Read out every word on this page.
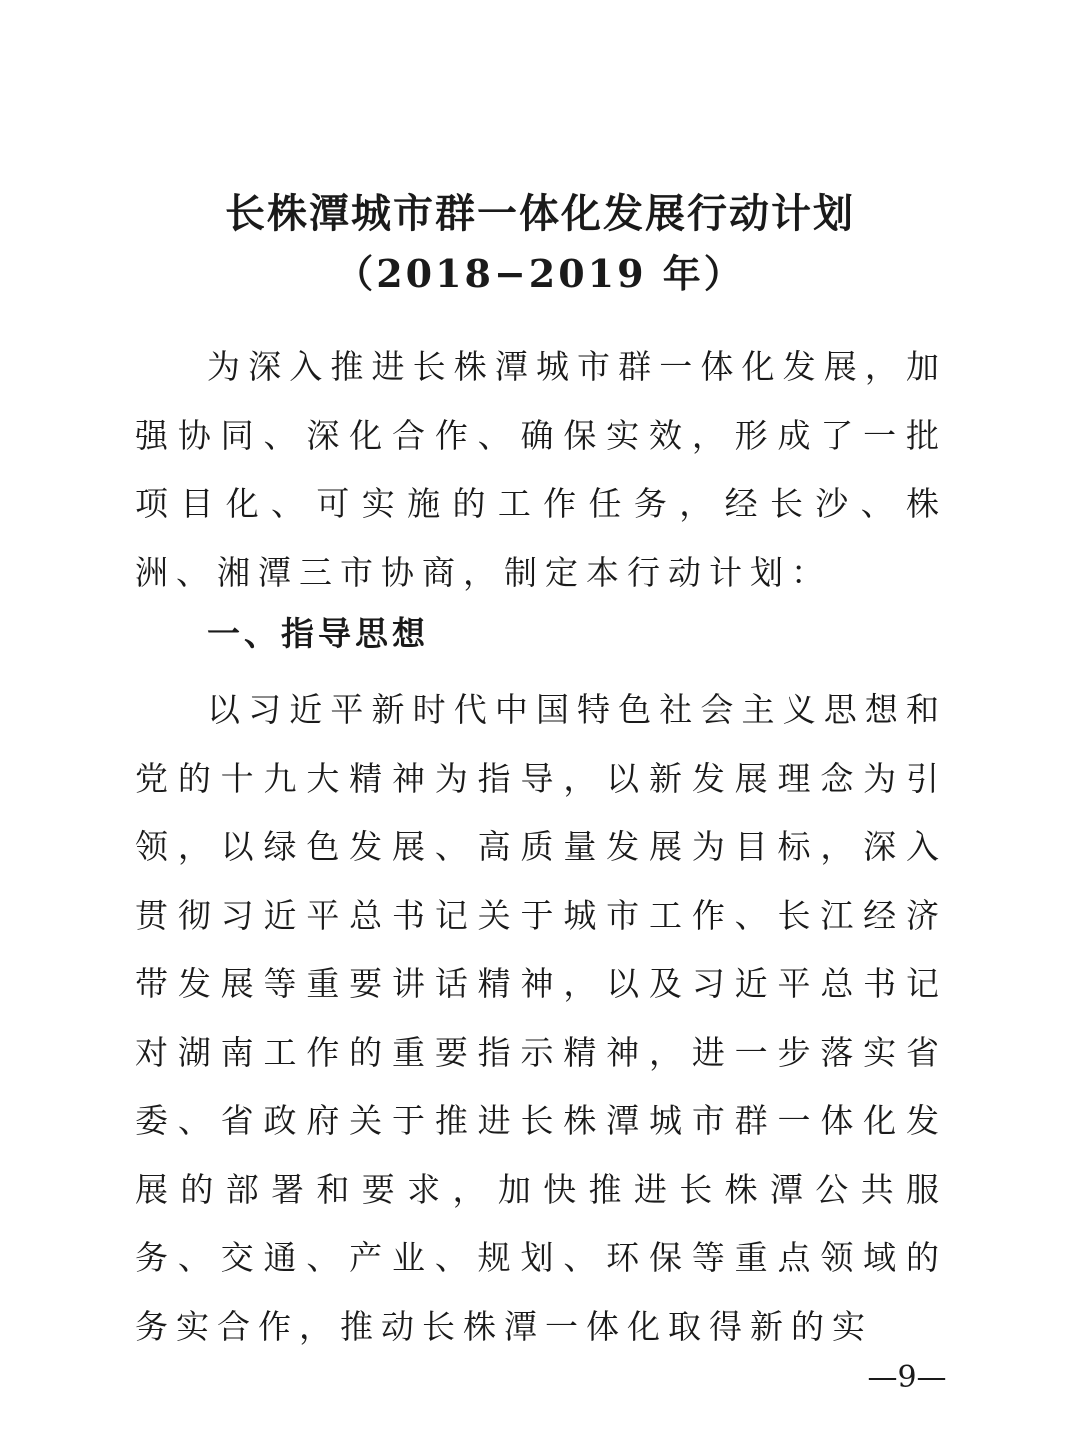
长株潭城市群一体化发展行动计划
（2018−2019 年）
为深入推进长株潭城市群一体化发展，加强协同、深化合作、确保实效，形成了一批项目化、可实施的工作任务，经长沙、株洲、湘潭三市协商，制定本行动计划：
一、指导思想
以习近平新时代中国特色社会主义思想和党的十九大精神为指导，以新发展理念为引领，以绿色发展、高质量发展为目标，深入贯彻习近平总书记关于城市工作、长江经济带发展等重要讲话精神，以及习近平总书记对湖南工作的重要指示精神，进一步落实省委、省政府关于推进长株潭城市群一体化发展的部署和要求，加快推进长株潭公共服务、交通、产业、规划、环保等重点领域的务实合作，推动长株潭一体化取得新的实
—9—
